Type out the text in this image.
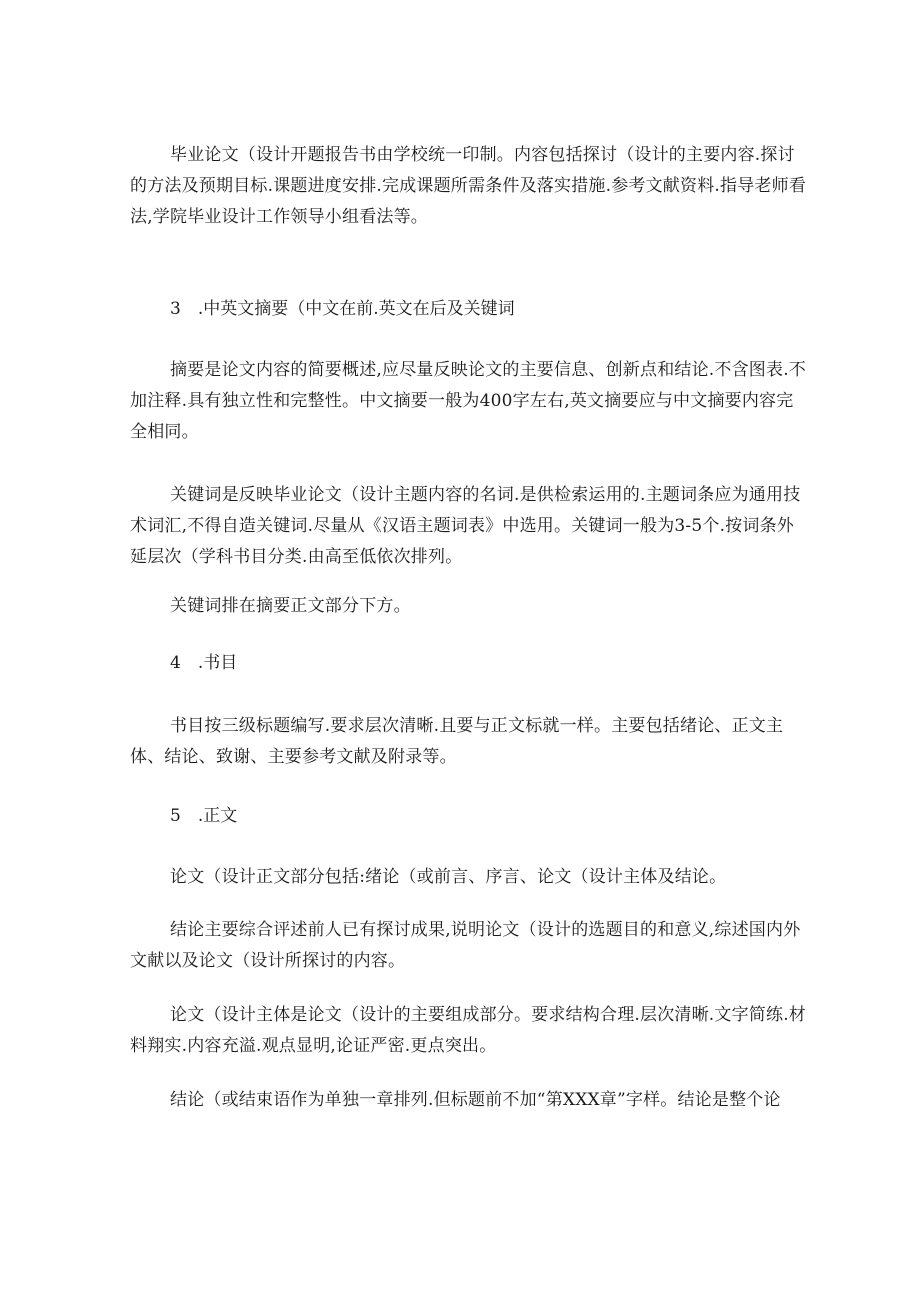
毕业论文（设计开题报告书由学校统一印制。内容包括探讨（设计的主要内容.探讨的方法及预期目标.课题进度安排.完成课题所需条件及落实措施.参考文献资料.指导老师看法,学院毕业设计工作领导小组看法等。

3　.中英文摘要（中文在前.英文在后及关键词

摘要是论文内容的简要概述,应尽量反映论文的主要信息、创新点和结论.不含图表.不加注释.具有独立性和完整性。中文摘要一般为400字左右,英文摘要应与中文摘要内容完全相同。

关键词是反映毕业论文（设计主题内容的名词.是供检索运用的.主题词条应为通用技术词汇,不得自造关键词.尽量从《汉语主题词表》中选用。关键词一般为3-5个.按词条外延层次（学科书目分类.由高至低依次排列。

关键词排在摘要正文部分下方。

4　.书目

书目按三级标题编写.要求层次清晰.且要与正文标就一样。主要包括绪论、正文主体、结论、致谢、主要参考文献及附录等。

5　.正文

论文（设计正文部分包括:绪论（或前言、序言、论文（设计主体及结论。

结论主要综合评述前人已有探讨成果,说明论文（设计的选题目的和意义,综述国内外文献以及论文（设计所探讨的内容。

论文（设计主体是论文（设计的主要组成部分。要求结构合理.层次清晰.文字简练.材料翔实.内容充溢.观点显明,论证严密.更点突出。

结论（或结束语作为单独一章排列.但标题前不加“第XXX章”字样。结论是整个论
